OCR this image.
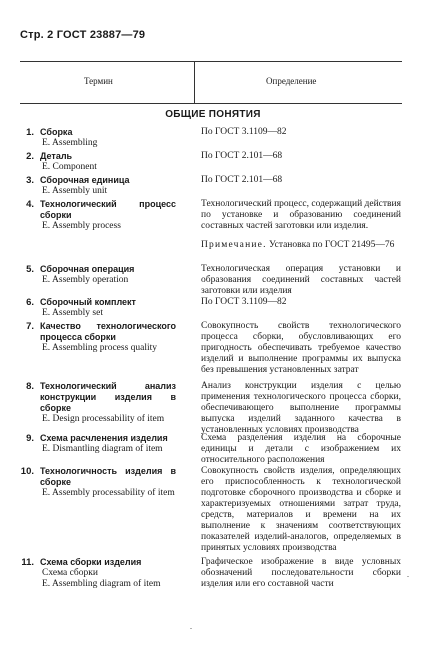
Стр. 2 ГОСТ 23887—79
Термин	Определение
ОБЩИЕ ПОНЯТИЯ
1. Сборка
E. Assembling
По ГОСТ 3.1109—82
2. Деталь
E. Component
По ГОСТ 2.101—68
3. Сборочная единица
E. Assembly unit
По ГОСТ 2.101—68
4. Технологический процесс сборки
E. Assembly process
Технологический процесс, содержащий действия по установке и образованию соединений составных частей заготовки или изделия.
Примечание. Установка по ГОСТ 21495—76
5. Сборочная операция
E. Assembly operation
Технологическая операция установки и образования соединений составных частей заготовки или изделия
6. Сборочный комплект
E. Assembly set
По ГОСТ 3.1109—82
7. Качество технологического процесса сборки
E. Assembling process quality
Совокупность свойств технологического процесса сборки, обусловливающих его пригодность обеспечивать требуемое качество изделий и выполнение программы их выпуска без превышения установленных затрат
8. Технологический анализ конструкции изделия в сборке
E. Design processability of item
Анализ конструкции изделия с целью применения технологического процесса сборки, обеспечивающего выполнение программы выпуска изделий заданного качества в установленных условиях производства
9. Схема расчленения изделия
E. Dismantling diagram of item
Схема разделения изделия на сборочные единицы и детали с изображением их относительного расположения
10. Технологичность изделия в сборке
E. Assembly processability of item
Совокупность свойств изделия, определяющих его приспособленность к технологической подготовке сборочного производства и сборке и характеризуемых отношениями затрат труда, средств, материалов и времени на их выполнение к значениям соответствующих показателей изделий-аналогов, определяемых в принятых условиях производства
11. Схема сборки изделия
Схема сборки
E. Assembling diagram of item
Графическое изображение в виде условных обозначений последовательности сборки изделия или его составной части
.
.
